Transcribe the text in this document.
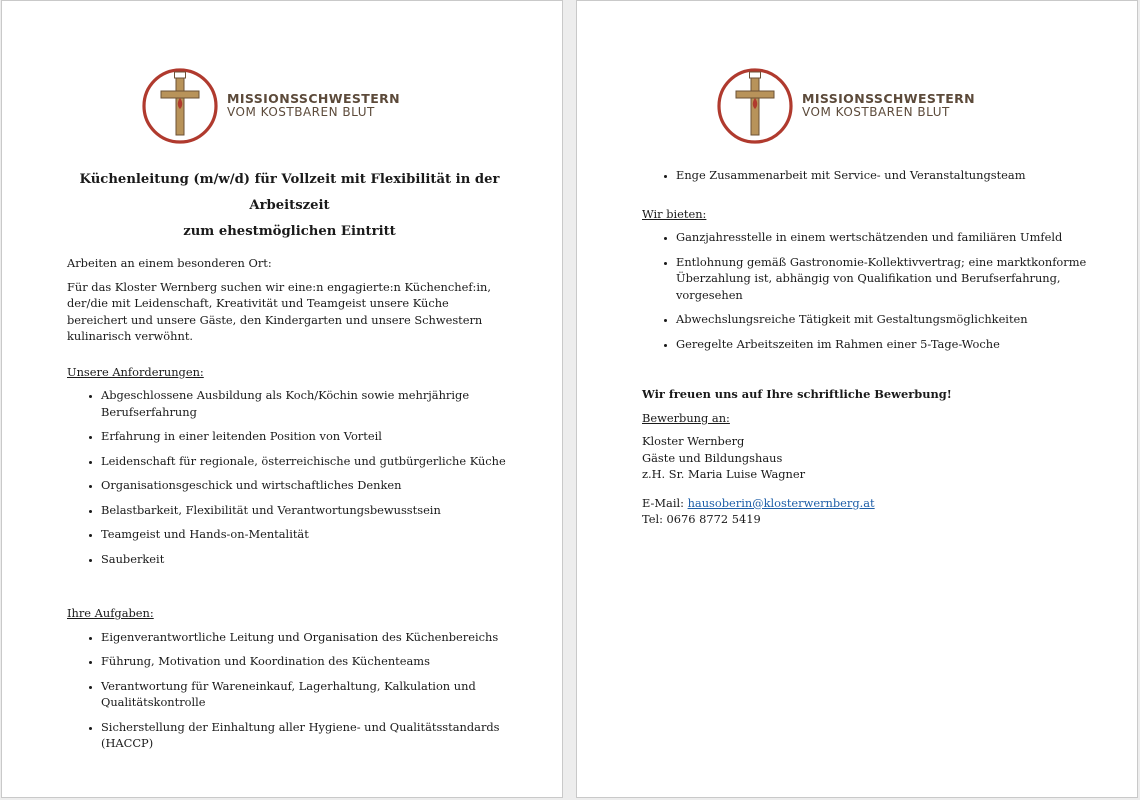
MISSIONSSCHWESTERN
VOM KOSTBAREN BLUT
Küchenleitung (m/w/d) für Vollzeit mit Flexibilität in der Arbeitszeit
zum ehestmöglichen Eintritt

Arbeiten an einem besonderen Ort:

Für das Kloster Wernberg suchen wir eine:n engagierte:n Küchenchef:in, der/die mit Leidenschaft, Kreativität und Teamgeist unsere Küche bereichert und unsere Gäste, den Kindergarten und unsere Schwestern kulinarisch verwöhnt.

Unsere Anforderungen:
• Abgeschlossene Ausbildung als Koch/Köchin sowie mehrjährige Berufserfahrung
• Erfahrung in einer leitenden Position von Vorteil
• Leidenschaft für regionale, österreichische und gutbürgerliche Küche
• Organisationsgeschick und wirtschaftliches Denken
• Belastbarkeit, Flexibilität und Verantwortungsbewusstsein
• Teamgeist und Hands-on-Mentalität
• Sauberkeit
Ihre Aufgaben:
• Eigenverantwortliche Leitung und Organisation des Küchenbereichs
• Führung, Motivation und Koordination des Küchenteams
• Verantwortung für Wareneinkauf, Lagerhaltung, Kalkulation und Qualitätskontrolle
• Sicherstellung der Einhaltung aller Hygiene- und Qualitätsstandards (HACCP)
MISSIONSSCHWESTERN
VOM KOSTBAREN BLUT
• Enge Zusammenarbeit mit Service- und Veranstaltungsteam
Wir bieten:
• Ganzjahresstelle in einem wertschätzenden und familiären Umfeld
• Entlohnung gemäß Gastronomie-Kollektivvertrag; eine marktkonforme Überzahlung ist, abhängig von Qualifikation und Berufserfahrung, vorgesehen
• Abwechslungsreiche Tätigkeit mit Gestaltungsmöglichkeiten
• Geregelte Arbeitszeiten im Rahmen einer 5-Tage-Woche

Wir freuen uns auf Ihre schriftliche Bewerbung!

Bewerbung an:
Kloster Wernberg
Gäste und Bildungshaus
z.H. Sr. Maria Luise Wagner
E-Mail: hausoberin@klosterwernberg.at
Tel: 0676 8772 5419
